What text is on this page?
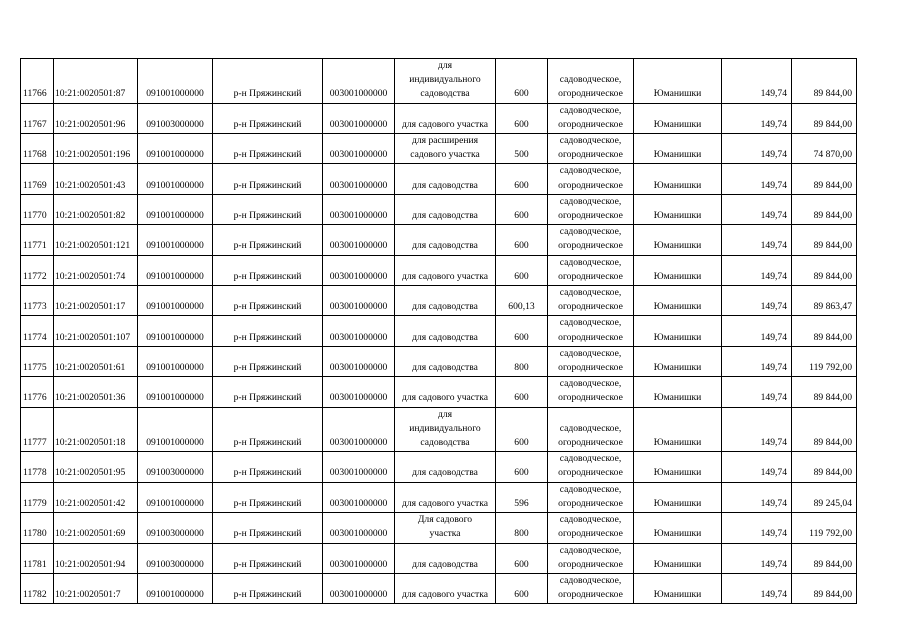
11766	10:21:0020501:87	091001000000	р-н Пряжинский	003001000000	для
индивидуального
садоводства	600	садоводческое,
огородническое	Юманишки	149,74	89 844,00
11767	10:21:0020501:96	091003000000	р-н Пряжинский	003001000000	для садового участка	600	садоводческое,
огородническое	Юманишки	149,74	89 844,00
11768	10:21:0020501:196	091001000000	р-н Пряжинский	003001000000	для расширения
садового участка	500	садоводческое,
огородническое	Юманишки	149,74	74 870,00
11769	10:21:0020501:43	091001000000	р-н Пряжинский	003001000000	для садоводства	600	садоводческое,
огородническое	Юманишки	149,74	89 844,00
11770	10:21:0020501:82	091001000000	р-н Пряжинский	003001000000	для садоводства	600	садоводческое,
огородническое	Юманишки	149,74	89 844,00
11771	10:21:0020501:121	091001000000	р-н Пряжинский	003001000000	для садоводства	600	садоводческое,
огородническое	Юманишки	149,74	89 844,00
11772	10:21:0020501:74	091001000000	р-н Пряжинский	003001000000	для садового участка	600	садоводческое,
огородническое	Юманишки	149,74	89 844,00
11773	10:21:0020501:17	091001000000	р-н Пряжинский	003001000000	для садоводства	600,13	садоводческое,
огородническое	Юманишки	149,74	89 863,47
11774	10:21:0020501:107	091001000000	р-н Пряжинский	003001000000	для садоводства	600	садоводческое,
огородническое	Юманишки	149,74	89 844,00
11775	10:21:0020501:61	091001000000	р-н Пряжинский	003001000000	для садоводства	800	садоводческое,
огородническое	Юманишки	149,74	119 792,00
11776	10:21:0020501:36	091001000000	р-н Пряжинский	003001000000	для садового участка	600	садоводческое,
огородническое	Юманишки	149,74	89 844,00
11777	10:21:0020501:18	091001000000	р-н Пряжинский	003001000000	для
индивидуального
садоводства	600	садоводческое,
огородническое	Юманишки	149,74	89 844,00
11778	10:21:0020501:95	091003000000	р-н Пряжинский	003001000000	для садоводства	600	садоводческое,
огородническое	Юманишки	149,74	89 844,00
11779	10:21:0020501:42	091001000000	р-н Пряжинский	003001000000	для садового участка	596	садоводческое,
огородническое	Юманишки	149,74	89 245,04
11780	10:21:0020501:69	091003000000	р-н Пряжинский	003001000000	Для садового
участка	800	садоводческое,
огородническое	Юманишки	149,74	119 792,00
11781	10:21:0020501:94	091003000000	р-н Пряжинский	003001000000	для садоводства	600	садоводческое,
огородническое	Юманишки	149,74	89 844,00
11782	10:21:0020501:7	091001000000	р-н Пряжинский	003001000000	для садового участка	600	садоводческое,
огородническое	Юманишки	149,74	89 844,00
